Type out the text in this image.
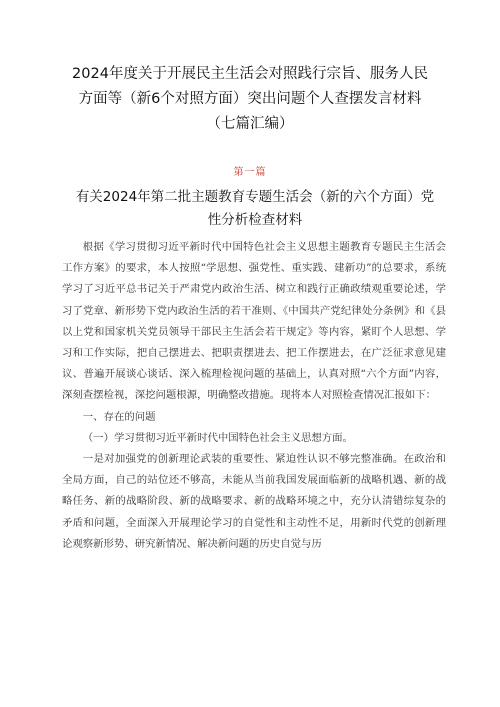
2024年度关于开展民主生活会对照践行宗旨、服务人民
方面等（新6个对照方面）突出问题个人查摆发言材料
（七篇汇编）
第一篇
有关2024年第二批主题教育专题生活会（新的六个方面）党
性分析检查材料

根据《学习贯彻习近平新时代中国特色社会主义思想主题教育专题民主生活会工作方案》的要求，本人按照“学思想、强党性、重实践、建新功”的总要求，系统学习了习近平总书记关于严肃党内政治生活、树立和践行正确政绩观重要论述，学习了党章、新形势下党内政治生活的若干准则、《中国共产党纪律处分条例》和《县以上党和国家机关党员领导干部民主生活会若干规定》等内容，紧盯个人思想、学习和工作实际，把自己摆进去、把职责摆进去、把工作摆进去，在广泛征求意见建议、普遍开展谈心谈话、深入梳理检视问题的基础上，认真对照“六个方面”内容，深刻查摆检视，深挖问题根源，明确整改措施。现将本人对照检查情况汇报如下：

一、存在的问题

（一）学习贯彻习近平新时代中国特色社会主义思想方面。

一是对加强党的创新理论武装的重要性、紧迫性认识不够完整准确。在政治和全局方面，自己的站位还不够高，未能从当前我国发展面临新的战略机遇、新的战略任务、新的战略阶段、新的战略要求、新的战略环境之中，充分认清错综复杂的矛盾和问题，全面深入开展理论学习的自觉性和主动性不足，用新时代党的创新理论观察新形势、研究新情况、解决新问题的历史自觉与历
